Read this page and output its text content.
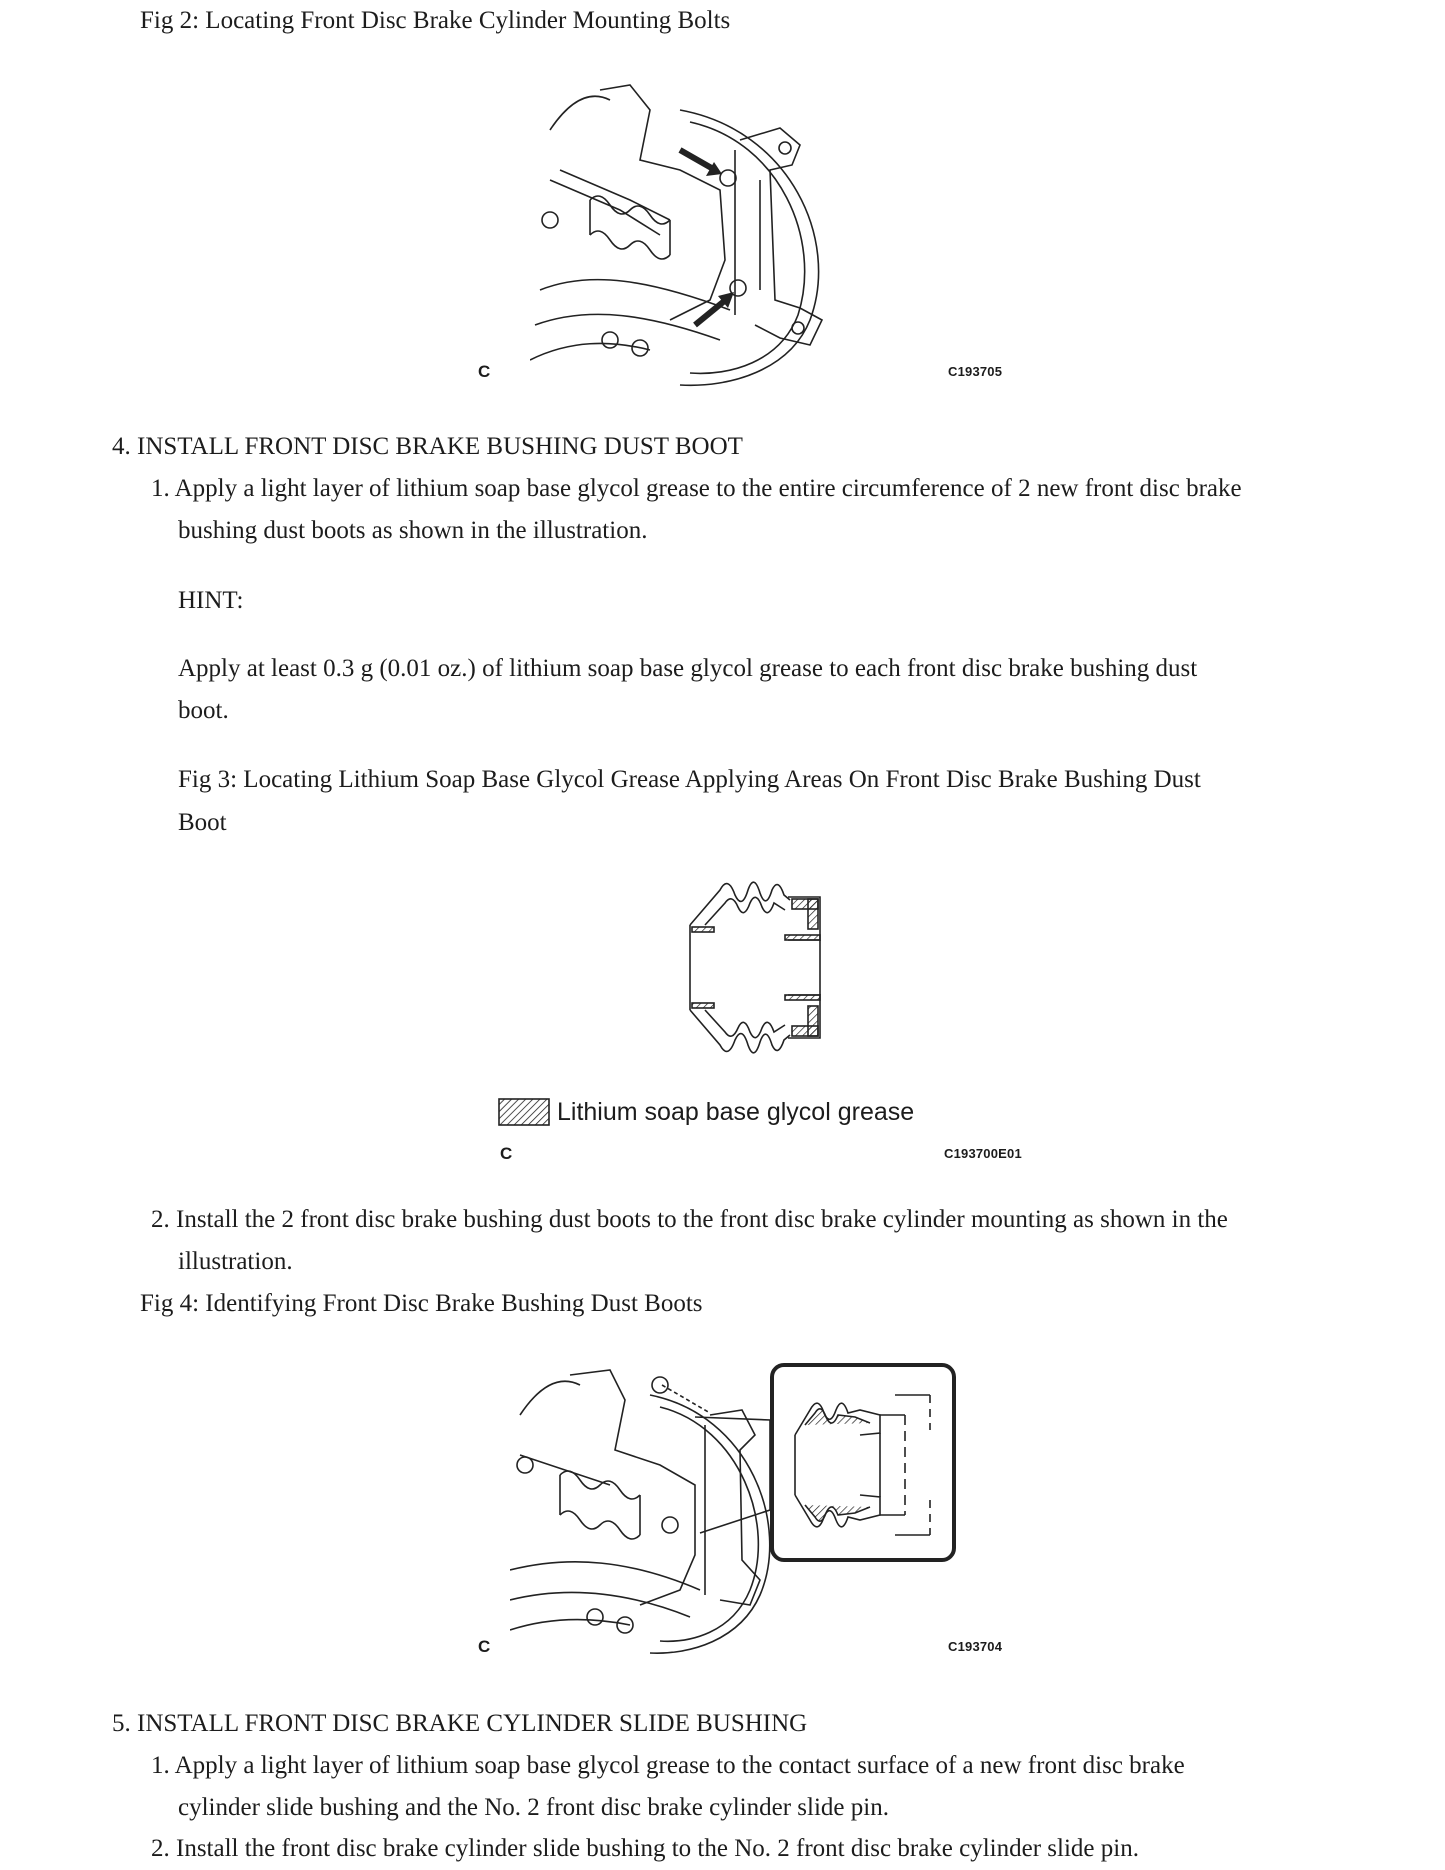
Fig 2: Locating Front Disc Brake Cylinder Mounting Bolts
C	C193705
4. INSTALL FRONT DISC BRAKE BUSHING DUST BOOT
1. Apply a light layer of lithium soap base glycol grease to the entire circumference of 2 new front disc brake
bushing dust boots as shown in the illustration.
HINT:
Apply at least 0.3 g (0.01 oz.) of lithium soap base glycol grease to each front disc brake bushing dust
boot.
Fig 3: Locating Lithium Soap Base Glycol Grease Applying Areas On Front Disc Brake Bushing Dust
Boot
Lithium soap base glycol grease
C	C193700E01
2. Install the 2 front disc brake bushing dust boots to the front disc brake cylinder mounting as shown in the
illustration.
Fig 4: Identifying Front Disc Brake Bushing Dust Boots
C	C193704
5. INSTALL FRONT DISC BRAKE CYLINDER SLIDE BUSHING
1. Apply a light layer of lithium soap base glycol grease to the contact surface of a new front disc brake
cylinder slide bushing and the No. 2 front disc brake cylinder slide pin.
2. Install the front disc brake cylinder slide bushing to the No. 2 front disc brake cylinder slide pin.
